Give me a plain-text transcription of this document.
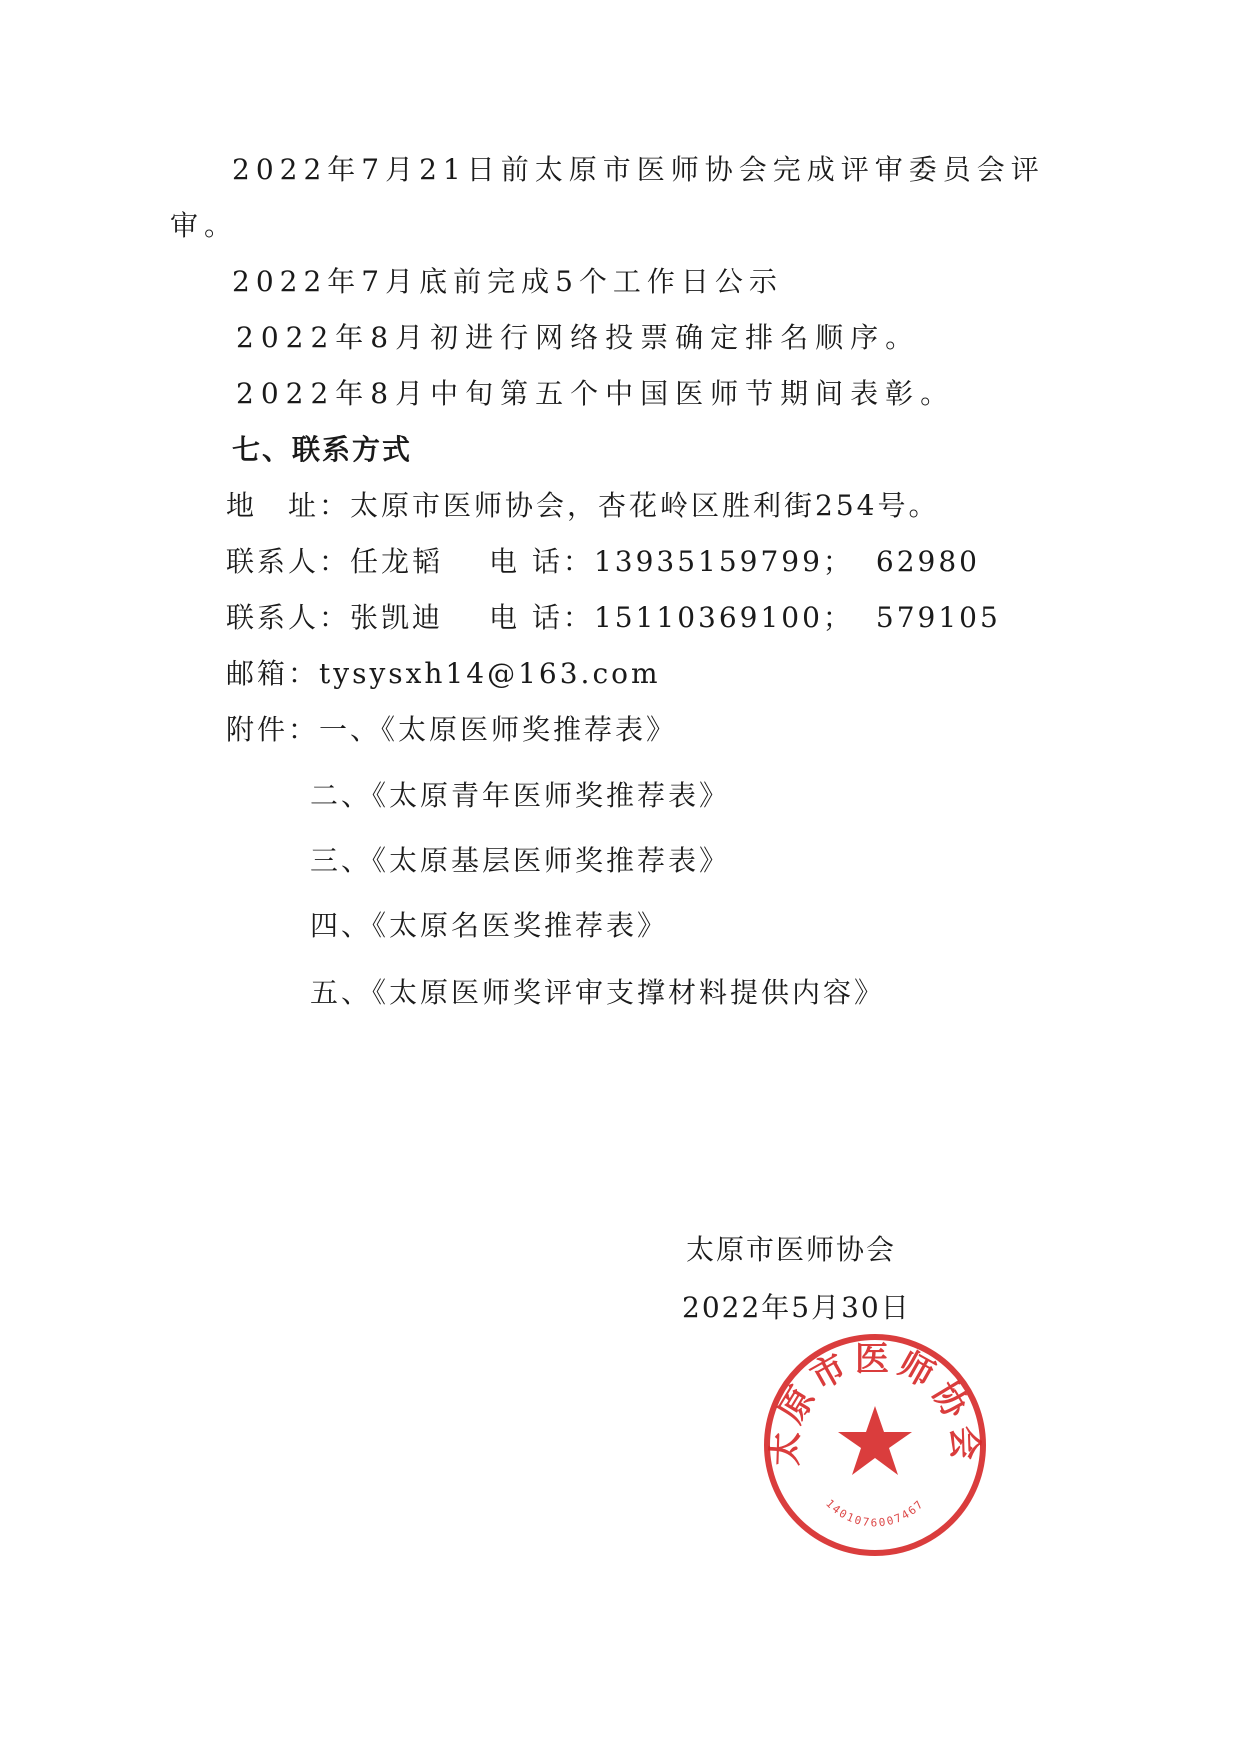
2022年7月21日前太原市医师协会完成评审委员会评
审。
2022年7月底前完成5个工作日公示
2022年8月初进行网络投票确定排名顺序。
2022年8月中旬第五个中国医师节期间表彰。
七、联系方式
地　址：太原市医师协会，杏花岭区胜利街254号。
联系人：任龙韬 电 话：13935159799； 62980
联系人：张凯迪 电 话：15110369100； 579105
邮箱：tysysxh14@163.com
附件：一、《太原医师奖推荐表》
二、《太原青年医师奖推荐表》
三、《太原基层医师奖推荐表》
四、《太原名医奖推荐表》
五、《太原医师奖评审支撑材料提供内容》
太原市医师协会
1401076007467
太原市医师协会
2022年5月30日
